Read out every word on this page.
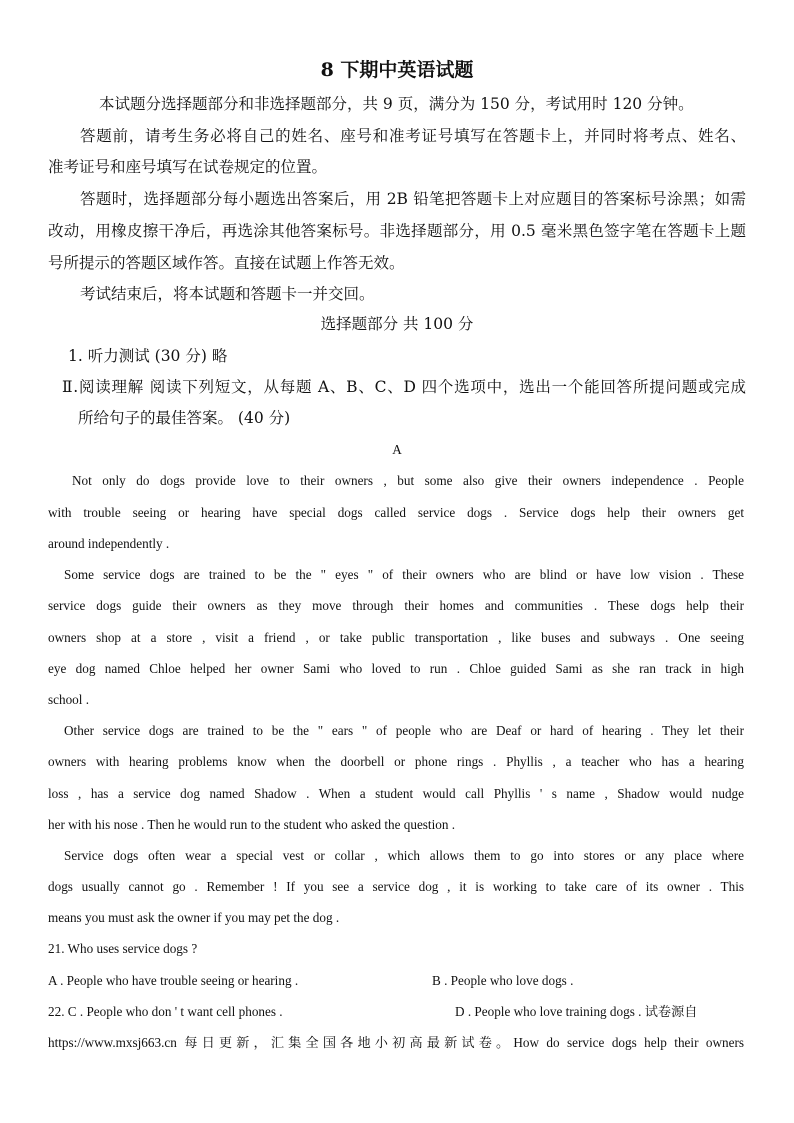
8 下期中英语试题
本试题分选择题部分和非选择题部分，共 9 页，满分为 150 分，考试用时 120 分钟。
答题前，请考生务必将自己的姓名、座号和准考证号填写在答题卡上，并同时将考点、姓名、
准考证号和座号填写在试卷规定的位置。
答题时，选择题部分每小题选出答案后，用 2B 铅笔把答题卡上对应题目的答案标号涂黑；如需
改动，用橡皮擦干净后，再选涂其他答案标号。非选择题部分，用 0.5 毫米黑色签字笔在答题卡上题
号所提示的答题区域作答。直接在试题上作答无效。
考试结束后，将本试题和答题卡一并交回。
选择题部分 共 100 分
1. 听力测试 (30 分) 略
Ⅱ.阅读理解 阅读下列短文，从每题 A、B、C、D 四个选项中，选出一个能回答所提问题或完成
所给句子的最佳答案。 (40 分)
A
Not only do dogs provide love to their owners , but some also give their owners independence . People
with trouble seeing or hearing have special dogs called service dogs . Service dogs help their owners get
around independently .
Some service dogs are trained to be the " eyes " of their owners who are blind or have low vision . These
service dogs guide their owners as they move through their homes and communities . These dogs help their
owners shop at a store , visit a friend , or take public transportation , like buses and subways . One seeing
eye dog named Chloe helped her owner Sami who loved to run . Chloe guided Sami as she ran track in high
school .
Other service dogs are trained to be the " ears " of people who are Deaf or hard of hearing . They let their
owners with hearing problems know when the doorbell or phone rings . Phyllis , a teacher who has a hearing
loss , has a service dog named Shadow . When a student would call Phyllis ' s name , Shadow would nudge
her with his nose . Then he would run to the student who asked the question .
Service dogs often wear a special vest or collar , which allows them to go into stores or any place where
dogs usually cannot go . Remember ! If you see a service dog , it is working to take care of its owner . This
means you must ask the owner if you may pet the dog .
21. Who uses service dogs ?
A . People who have trouble seeing or hearing .	B . People who love dogs .
22. C . People who don ' t want cell phones .	D . People who love training dogs . 试卷源自
https://www.mxsj663.cn 每日更新，汇集全国各地小初高最新试卷。How do service dogs help their owners
